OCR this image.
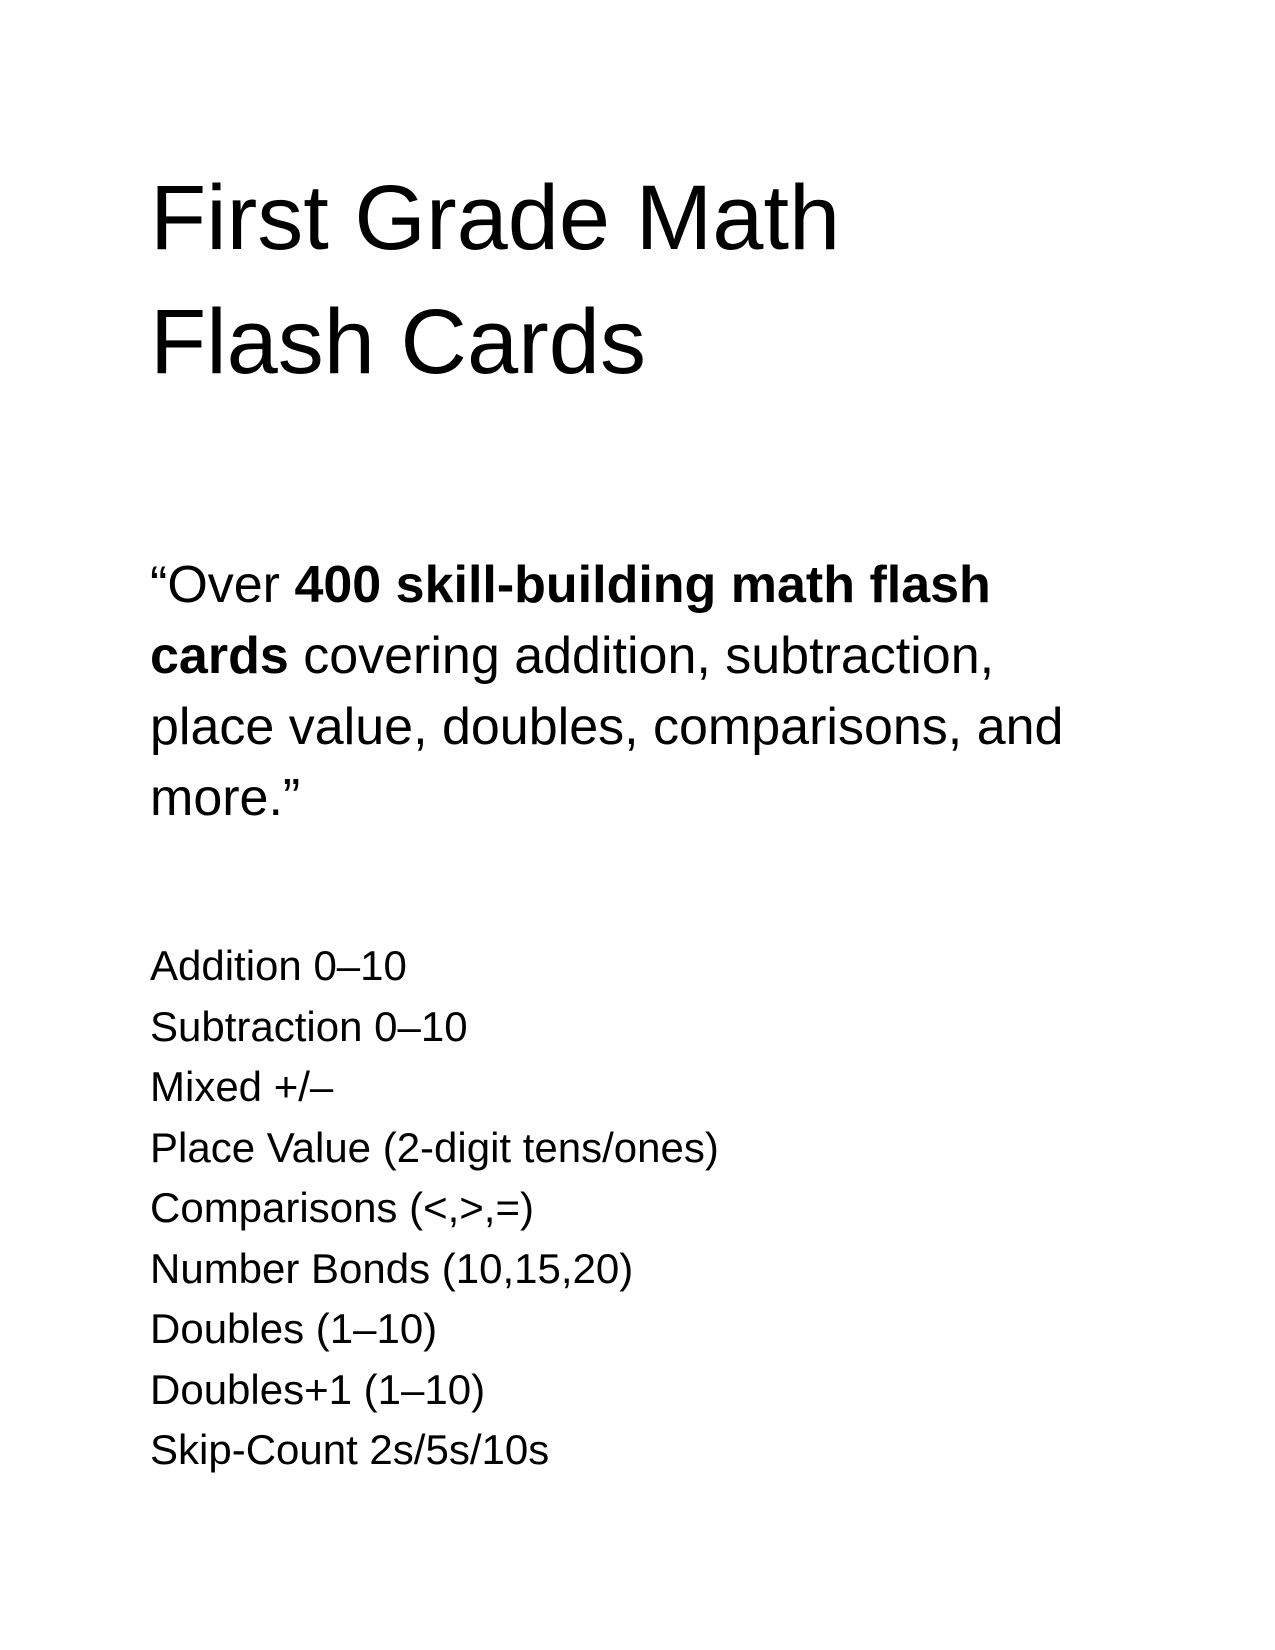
First Grade Math
Flash Cards

“Over 400 skill-building math flash cards covering addition, subtraction, place value, doubles, comparisons, and more.”

Addition 0–10
Subtraction 0–10
Mixed +/–
Place Value (2-digit tens/ones)
Comparisons (<,>,=)
Number Bonds (10,15,20)
Doubles (1–10)
Doubles+1 (1–10)
Skip-Count 2s/5s/10s
